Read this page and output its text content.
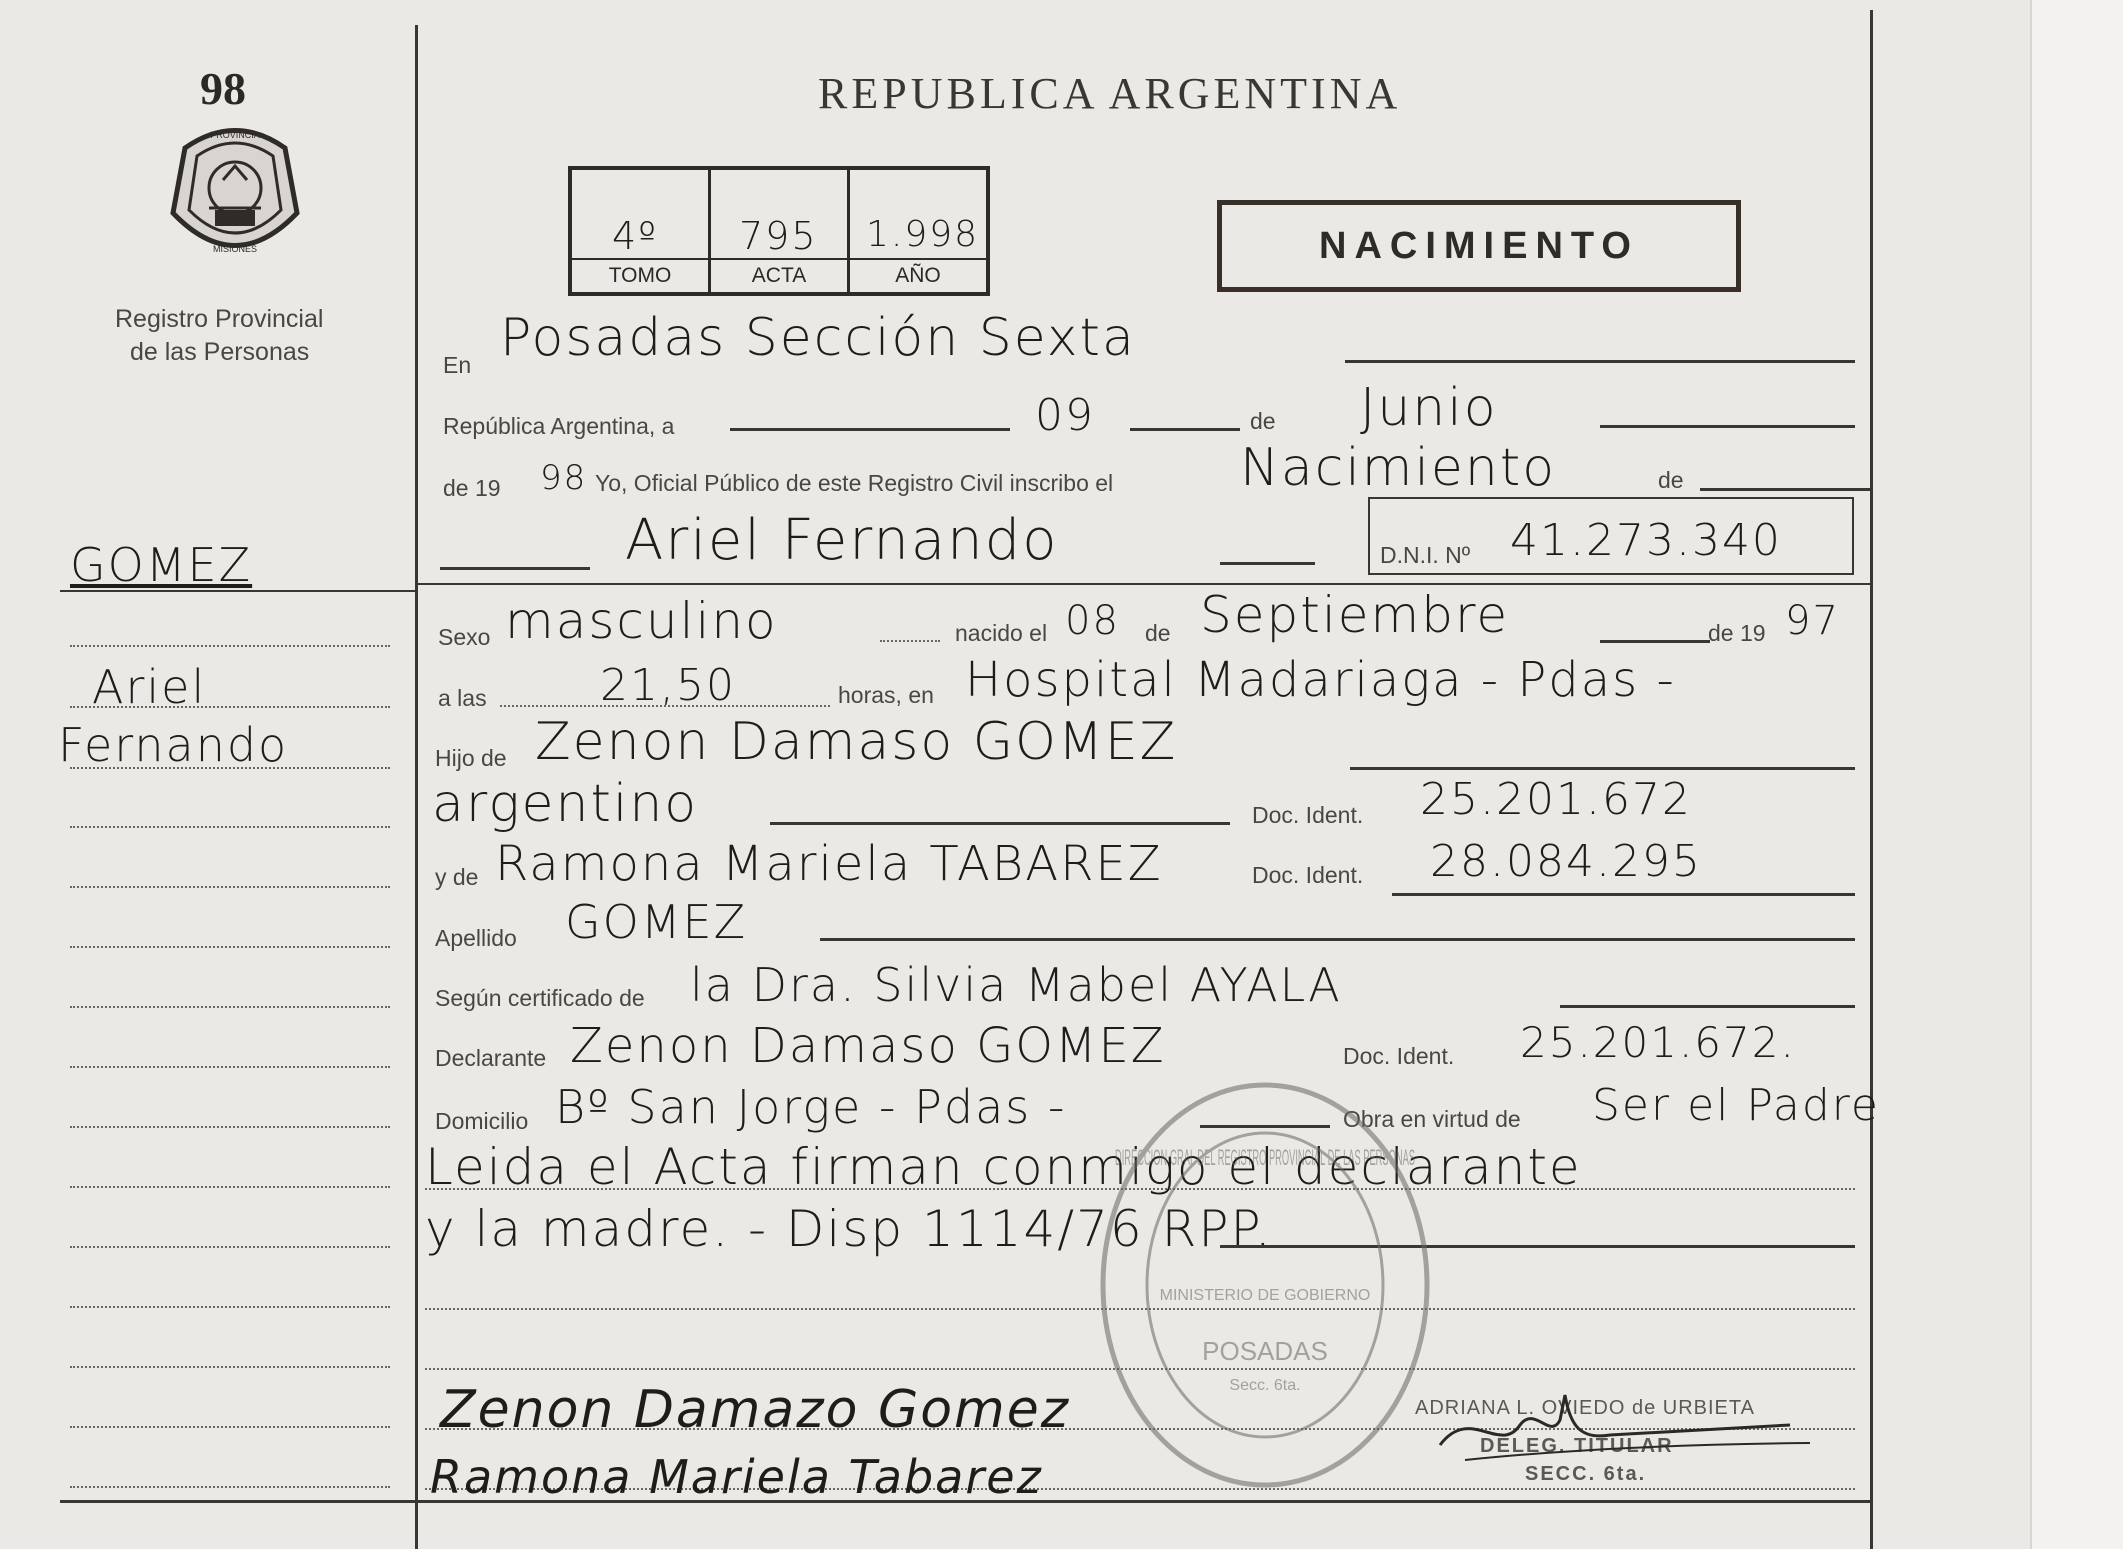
98
PROVINCIA
MISIONES
Registro Provincial
de las Personas
REPUBLICA ARGENTINA
4º
TOMO
795
ACTA
1.998
AÑO
NACIMIENTO
GOMEZ
Ariel
Fernando
En Posadas Sección Sexta
República Argentina, a	09	de Junio
de 19 98 Yo, Oficial Público de este Registro Civil inscribo el Nacimiento	de
Ariel Fernando	D.N.I. Nº 41.273.340
Sexo masculino	nacido el 08 de Septiembre	de 19 97
a las	21,50	horas, en Hospital Madariaga - Pdas -
Hijo de Zenon Damaso GOMEZ
argentino	Doc. Ident. 25.201.672
y de Ramona Mariela TABAREZ	Doc. Ident. 28.084.295
Apellido GOMEZ
Según certificado de la Dra. Silvia Mabel AYALA
Declarante Zenon Damaso GOMEZ	Doc. Ident. 25.201.672.
Domicilio Bº San Jorge - Pdas -	Obra en virtud de Ser el Padre
Leida el Acta firman conmigo el declarante
y la madre. - Disp 1114/76 RPP.
DIRECCION GRAL DEL REGISTRO PROVINCIAL DE LAS PERSONAS
MINISTERIO DE GOBIERNO
POSADAS
Secc. 6ta.
Zenon Damazo Gomez
Ramona Mariela Tabarez
ADRIANA L. OVIEDO de URBIETA
DELEG. TITULAR
SECC. 6ta.
